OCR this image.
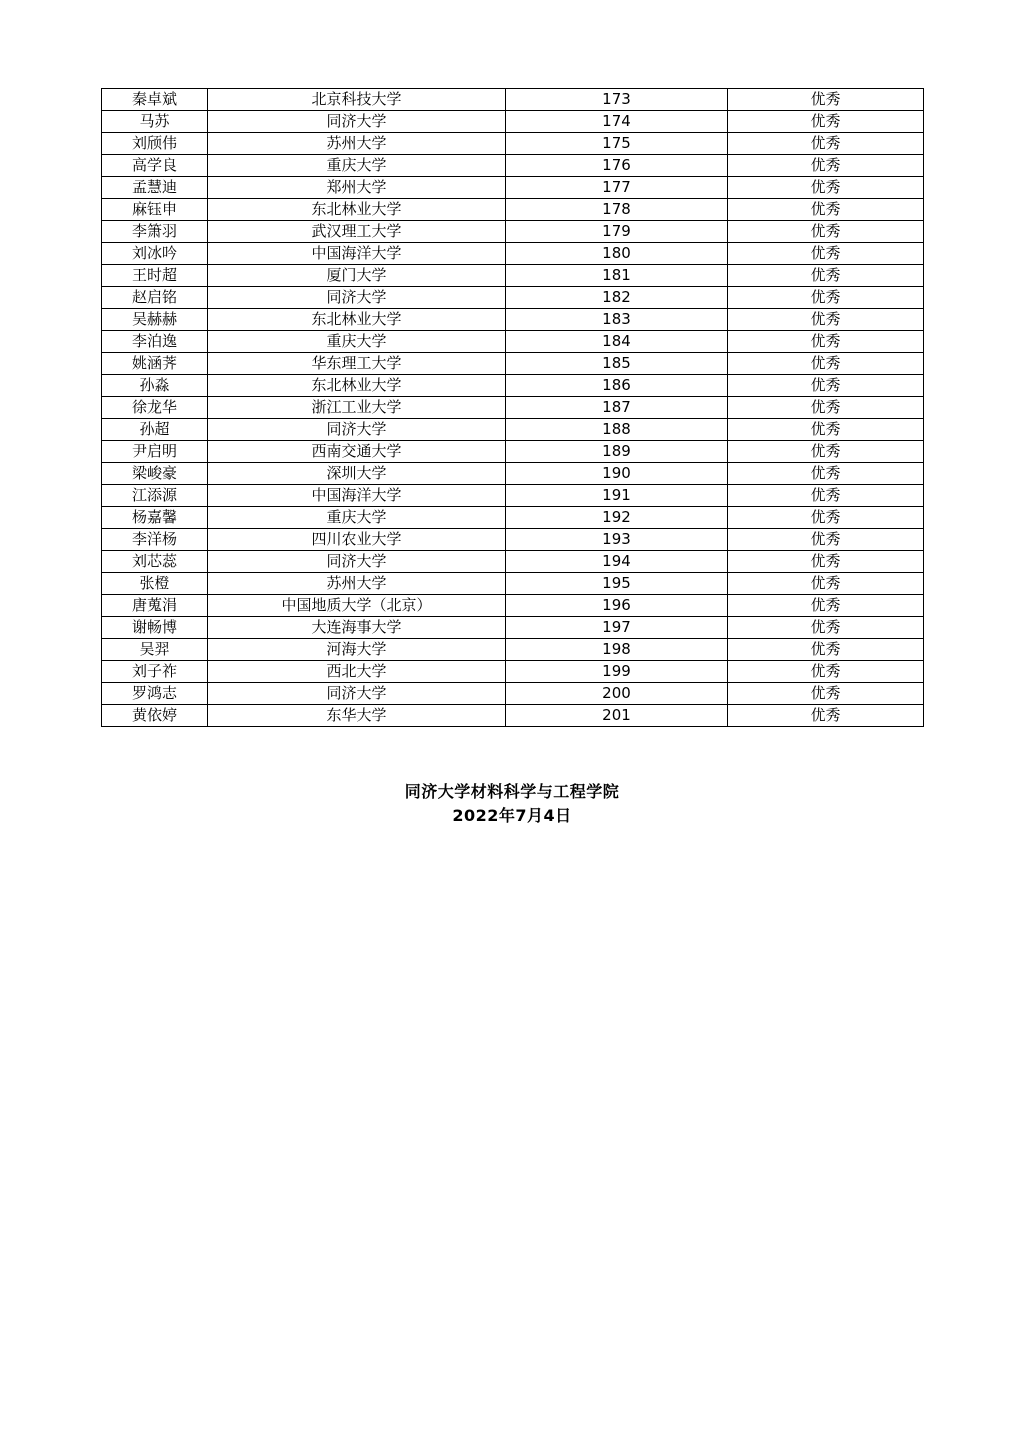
秦卓斌	北京科技大学	173	优秀
马苏	同济大学	174	优秀
刘颀伟	苏州大学	175	优秀
高学良	重庆大学	176	优秀
孟慧迪	郑州大学	177	优秀
麻钰申	东北林业大学	178	优秀
李箫羽	武汉理工大学	179	优秀
刘冰吟	中国海洋大学	180	优秀
王时超	厦门大学	181	优秀
赵启铭	同济大学	182	优秀
吴赫赫	东北林业大学	183	优秀
李泊逸	重庆大学	184	优秀
姚涵荠	华东理工大学	185	优秀
孙淼	东北林业大学	186	优秀
徐龙华	浙江工业大学	187	优秀
孙超	同济大学	188	优秀
尹启明	西南交通大学	189	优秀
梁峻豪	深圳大学	190	优秀
江添源	中国海洋大学	191	优秀
杨嘉馨	重庆大学	192	优秀
李洋杨	四川农业大学	193	优秀
刘芯蕊	同济大学	194	优秀
张橙	苏州大学	195	优秀
唐蒐涓	中国地质大学（北京）	196	优秀
谢畅博	大连海事大学	197	优秀
吴羿	河海大学	198	优秀
刘子祚	西北大学	199	优秀
罗鸿志	同济大学	200	优秀
黄依婷	东华大学	201	优秀
同济大学材料科学与工程学院
2022年7月4日
